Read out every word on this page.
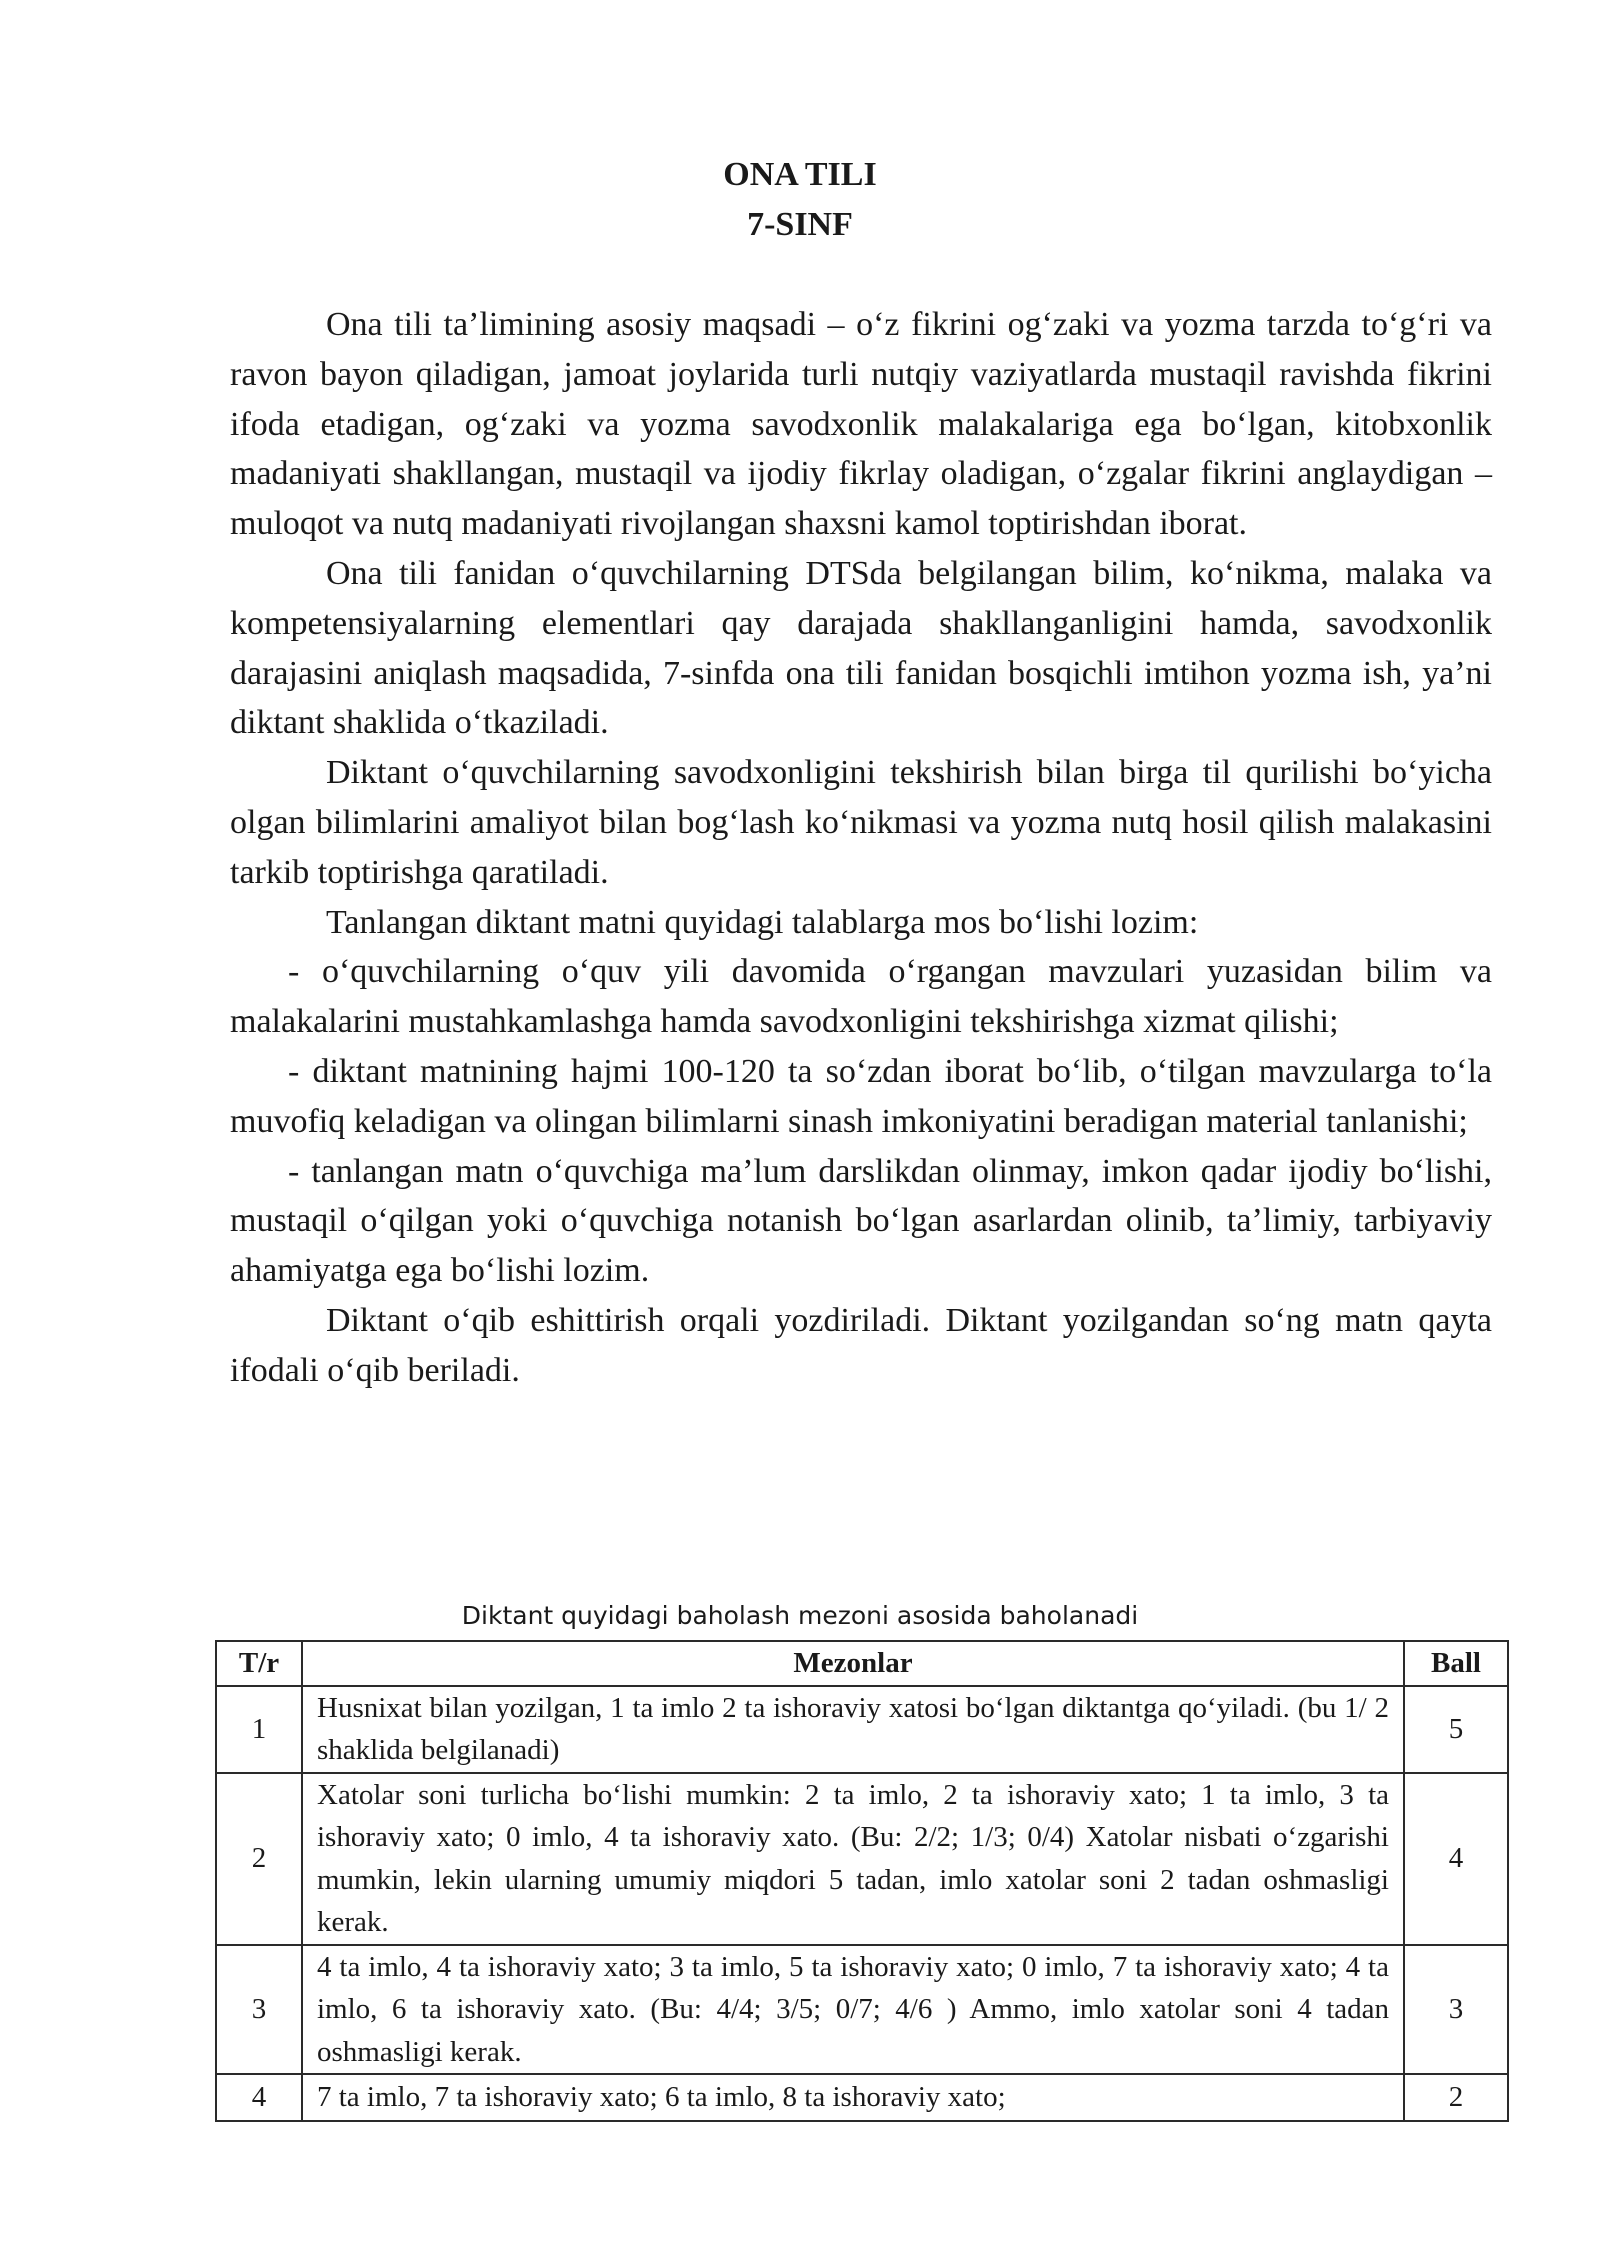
ONA TILI
7-SINF

Ona tili ta’limining asosiy maqsadi – o‘z fikrini og‘zaki va yozma tarzda to‘g‘ri va ravon bayon qiladigan, jamoat joylarida turli nutqiy vaziyatlarda mustaqil ravishda fikrini ifoda etadigan, og‘zaki va yozma savodxonlik malakalariga ega bo‘lgan, kitobxonlik madaniyati shakllangan, mustaqil va ijodiy fikrlay oladigan, o‘zgalar fikrini anglaydigan – muloqot va nutq madaniyati rivojlangan shaxsni kamol toptirishdan iborat.

Ona tili fanidan o‘quvchilarning DTSda belgilangan bilim, ko‘nikma, malaka va kompetensiyalarning elementlari qay darajada shakllanganligini hamda, savodxonlik darajasini aniqlash maqsadida, 7-sinfda ona tili fanidan bosqichli imtihon yozma ish, ya’ni diktant shaklida o‘tkaziladi.

Diktant o‘quvchilarning savodxonligini tekshirish bilan birga til qurilishi bo‘yicha olgan bilimlarini amaliyot bilan bog‘lash ko‘nikmasi va yozma nutq hosil qilish malakasini tarkib toptirishga qaratiladi.

Tanlangan diktant matni quyidagi talablarga mos bo‘lishi lozim:

- o‘quvchilarning o‘quv yili davomida o‘rgangan mavzulari yuzasidan bilim va malakalarini mustahkamlashga hamda savodxonligini tekshirishga xizmat qilishi;

- diktant matnining hajmi 100-120 ta so‘zdan iborat bo‘lib, o‘tilgan mavzularga to‘la muvofiq keladigan va olingan bilimlarni sinash imkoniyatini beradigan material tanlanishi;

- tanlangan matn o‘quvchiga ma’lum darslikdan olinmay, imkon qadar ijodiy bo‘lishi, mustaqil o‘qilgan yoki o‘quvchiga notanish bo‘lgan asarlardan olinib, ta’limiy, tarbiyaviy ahamiyatga ega bo‘lishi lozim.

Diktant o‘qib eshittirish orqali yozdiriladi. Diktant yozilgandan so‘ng matn qayta ifodali o‘qib beriladi.

Diktant quyidagi baholash mezoni asosida baholanadi
T/r	Mezonlar	Ball
1	Husnixat bilan yozilgan, 1 ta imlo 2 ta ishoraviy xatosi bo‘lgan diktantga qo‘yiladi. (bu 1/ 2 shaklida belgilanadi)	5
2	Xatolar soni turlicha bo‘lishi mumkin: 2 ta imlo, 2 ta ishoraviy xato; 1 ta imlo, 3 ta ishoraviy xato; 0 imlo, 4 ta ishoraviy xato. (Bu: 2/2; 1/3; 0/4) Xatolar nisbati o‘zgarishi mumkin, lekin ularning umumiy miqdori 5 tadan, imlo xatolar soni 2 tadan oshmasligi kerak.	4
3	4 ta imlo, 4 ta ishoraviy xato; 3 ta imlo, 5 ta ishoraviy xato; 0 imlo, 7 ta ishoraviy xato; 4 ta imlo, 6 ta ishoraviy xato. (Bu: 4/4; 3/5; 0/7; 4/6 ) Ammo, imlo xatolar soni 4 tadan oshmasligi kerak.	3
4	7 ta imlo, 7 ta ishoraviy xato; 6 ta imlo, 8 ta ishoraviy xato;	2
